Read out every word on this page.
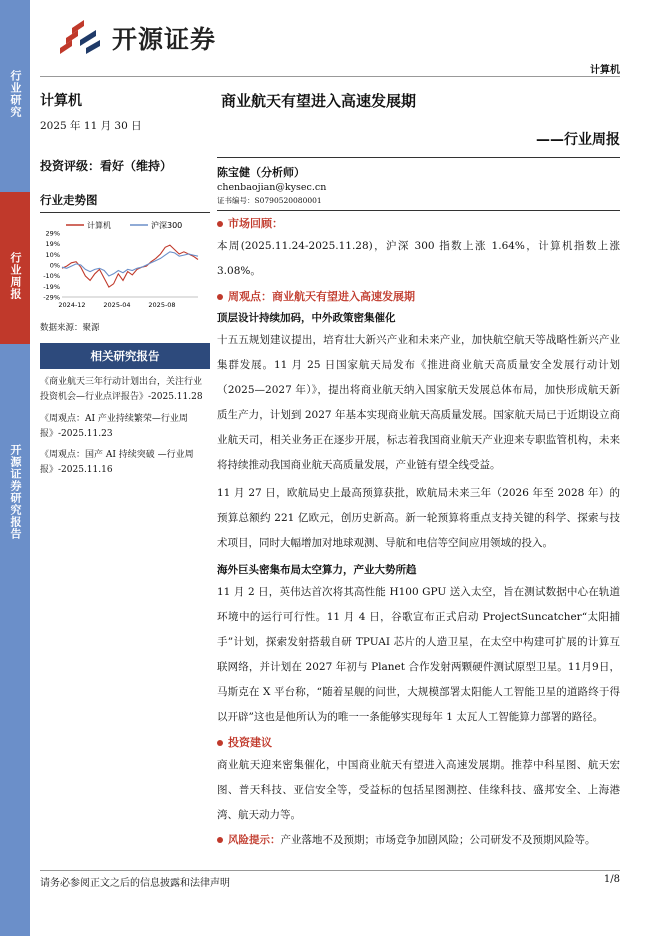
行业研究
行业周报
开源证券研究报告
开源证券
计算机
计算机
2025 年 11 月 30 日
投资评级：看好（维持）
行业走势图
计算机	沪深300
29%
19%
10%
0%
-10%
-19%
-29%
2024-12	2025-04	2025-08
数据来源：聚源
相关研究报告
《商业航天三年行动计划出台，关注行业投资机会—行业点评报告》-2025.11.28
《周观点：AI 产业持续繁荣—行业周报》-2025.11.23
《周观点：国产 AI 持续突破 —行业周报》-2025.11.16
商业航天有望进入高速发展期
——行业周报
陈宝健（分析师）
chenbaojian@kysec.cn
证书编号：S0790520080001
市场回顾：

本周(2025.11.24-2025.11.28)，沪深 300 指数上涨 1.64%，计算机指数上涨 3.08%。

周观点：商业航天有望进入高速发展期
顶层设计持续加码，中外政策密集催化

十五五规划建议提出，培育壮大新兴产业和未来产业，加快航空航天等战略性新兴产业集群发展。11 月 25 日国家航天局发布《推进商业航天高质量安全发展行动计划（2025—2027 年）》，提出将商业航天纳入国家航天发展总体布局，加快形成航天新质生产力，计划到 2027 年基本实现商业航天高质量发展。国家航天局已于近期设立商业航天司，相关业务正在逐步开展，标志着我国商业航天产业迎来专职监管机构，未来将持续推动我国商业航天高质量发展，产业链有望全线受益。

11 月 27 日，欧航局史上最高预算获批，欧航局未来三年（2026 年至 2028 年）的预算总额约 221 亿欧元，创历史新高。新一轮预算将重点支持关键的科学、探索与技术项目，同时大幅增加对地球观测、导航和电信等空间应用领域的投入。

海外巨头密集布局太空算力，产业大势所趋

11 月 2 日，英伟达首次将其高性能 H100 GPU 送入太空，旨在测试数据中心在轨道环境中的运行可行性。11 月 4 日，谷歌宣布正式启动 ProjectSuncatcher“太阳捕手”计划，探索发射搭载自研 TPUAI 芯片的人造卫星，在太空中构建可扩展的计算互联网络，并计划在 2027 年初与 Planet 合作发射两颗硬件测试原型卫星。11月9日，马斯克在 X 平台称，“随着星舰的问世，大规模部署太阳能人工智能卫星的道路终于得以开辟”这也是他所认为的唯一一条能够实现每年 1 太瓦人工智能算力部署的路径。

投资建议

商业航天迎来密集催化，中国商业航天有望进入高速发展期。推荐中科星图、航天宏图、普天科技、亚信安全等，受益标的包括星图测控、佳缘科技、盛邦安全、上海港湾、航天动力等。

风险提示：产业落地不及预期；市场竞争加剧风险；公司研发不及预期风险等。
请务必参阅正文之后的信息披露和法律声明	1/8
